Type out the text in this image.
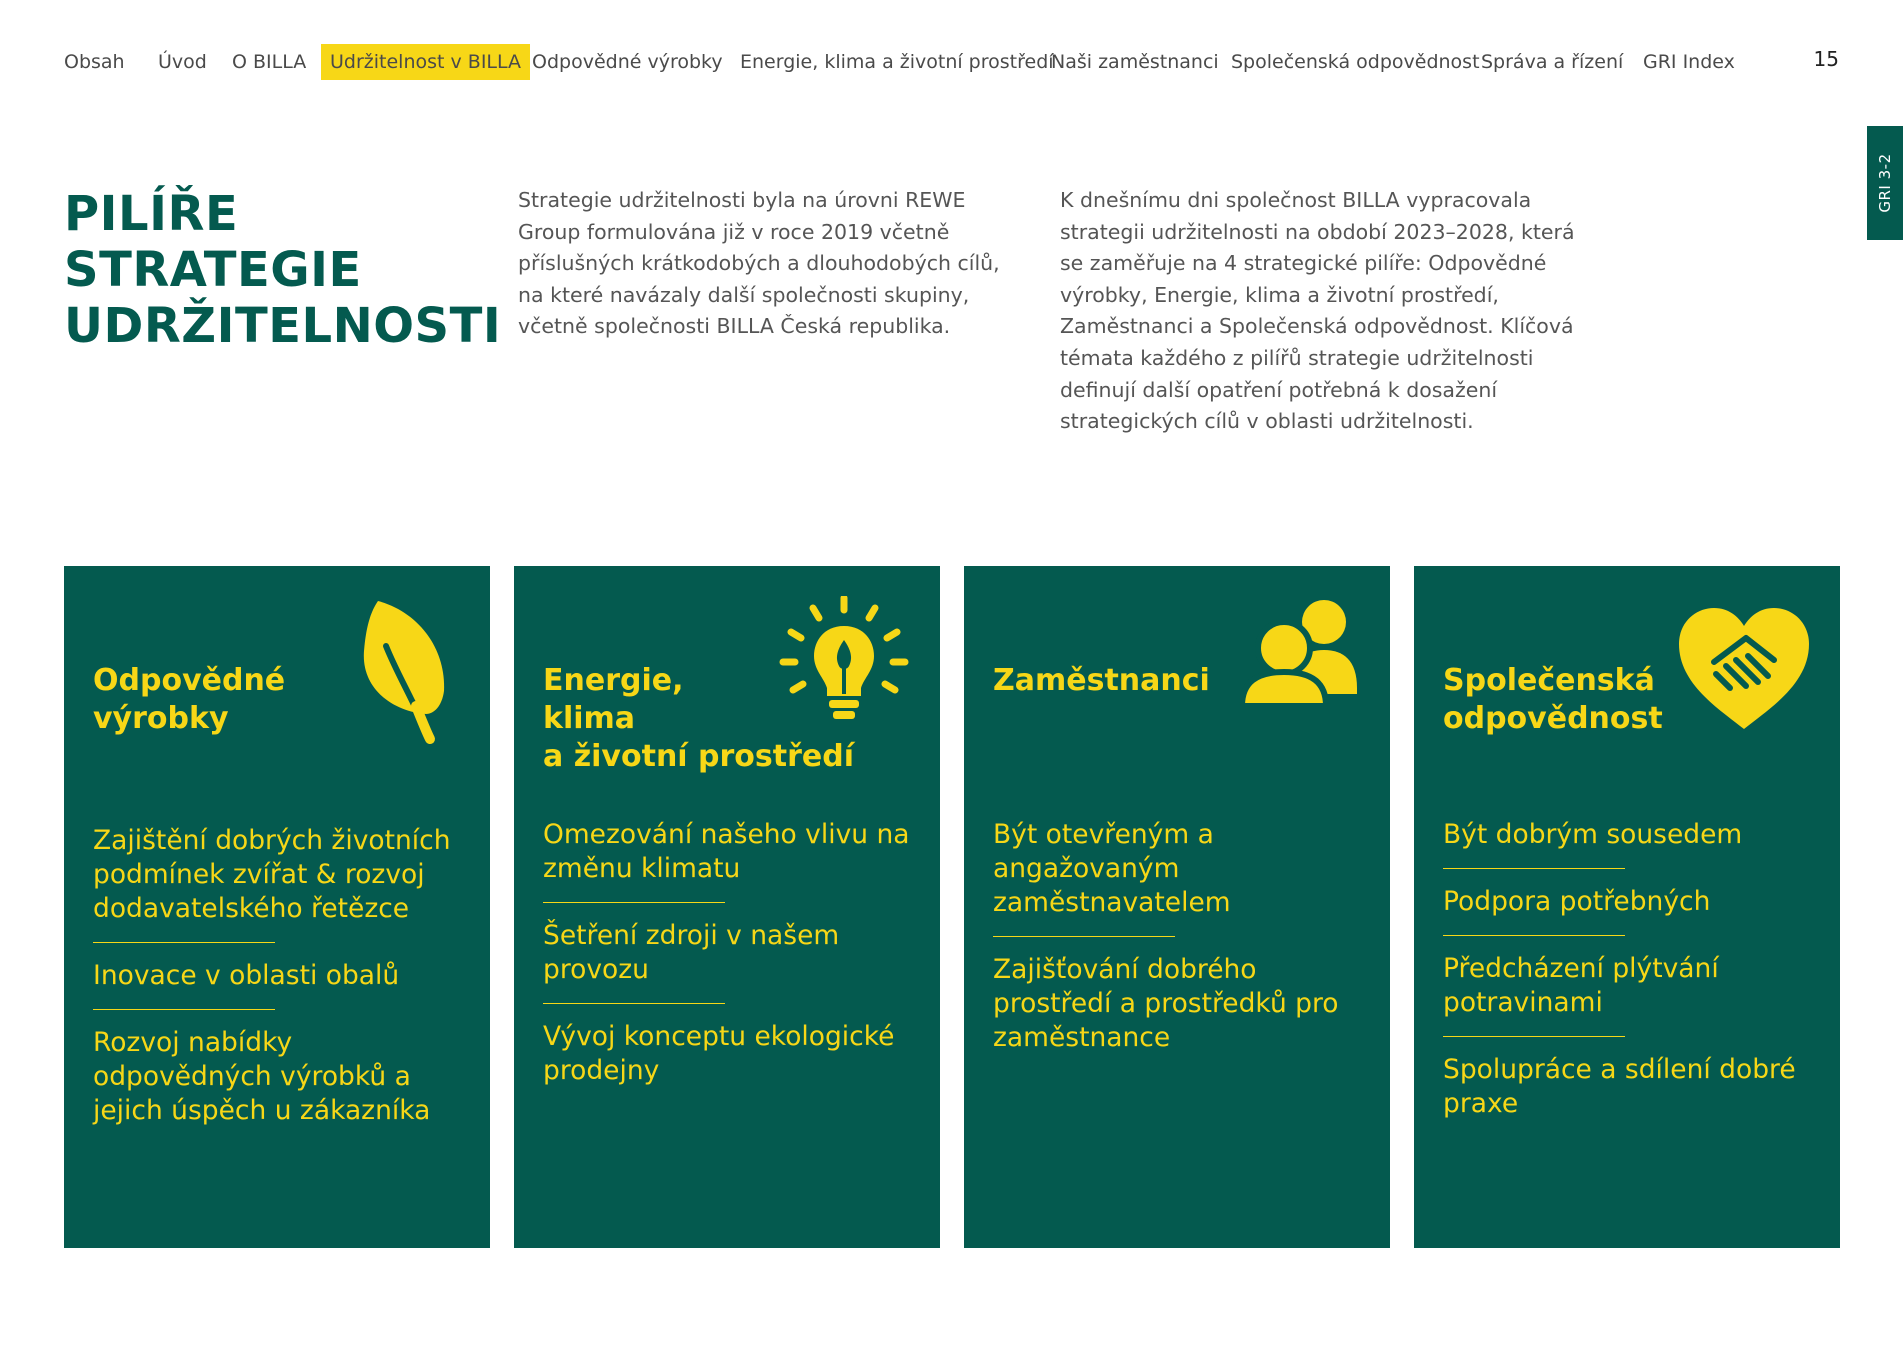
Obsah Úvod O BILLA	Udržitelnost v BILLA Odpovědné výrobky Energie, klima a životní prostředí
Naši zaměstnanci Společenská odpovědnost Správa a řízení GRI Index	15
GRI 3-2
PILÍŘE
STRATEGIE
UDRŽITELNOSTI
Strategie udržitelnosti byla na úrovni REWE Group formulována již v roce 2019 včetně příslušných krátkodobých a dlouhodobých cílů, na které navázaly další společnosti skupiny, včetně společnosti BILLA Česká republika.
K dnešnímu dni společnost BILLA vypracovala strategii udržitelnosti na období 2023–2028, která se zaměřuje na 4 strategické pilíře: Odpovědné výrobky, Energie, klima a životní prostředí, Zaměstnanci a Společenská odpovědnost. Klíčová témata každého z pilířů strategie udržitelnosti definují další opatření potřebná k dosažení strategických cílů v oblasti udržitelnosti.
Odpovědné
výrobky
Zajištění dobrých životních podmínek zvířat & rozvoj dodavatelského řetězce
Inovace v oblasti obalů
Rozvoj nabídky odpovědných výrobků a jejich úspěch u zákazníka
Energie,
klima
a životní prostředí
Omezování našeho vlivu na změnu klimatu
Šetření zdroji v našem provozu
Vývoj konceptu ekologické prodejny
Zaměstnanci
Být otevřeným a angažovaným zaměstnavatelem
Zajišťování dobrého prostředí a prostředků pro zaměstnance
Společenská
odpovědnost
Být dobrým sousedem
Podpora potřebných
Předcházení plýtvání potravinami
Spolupráce a sdílení dobré praxe
